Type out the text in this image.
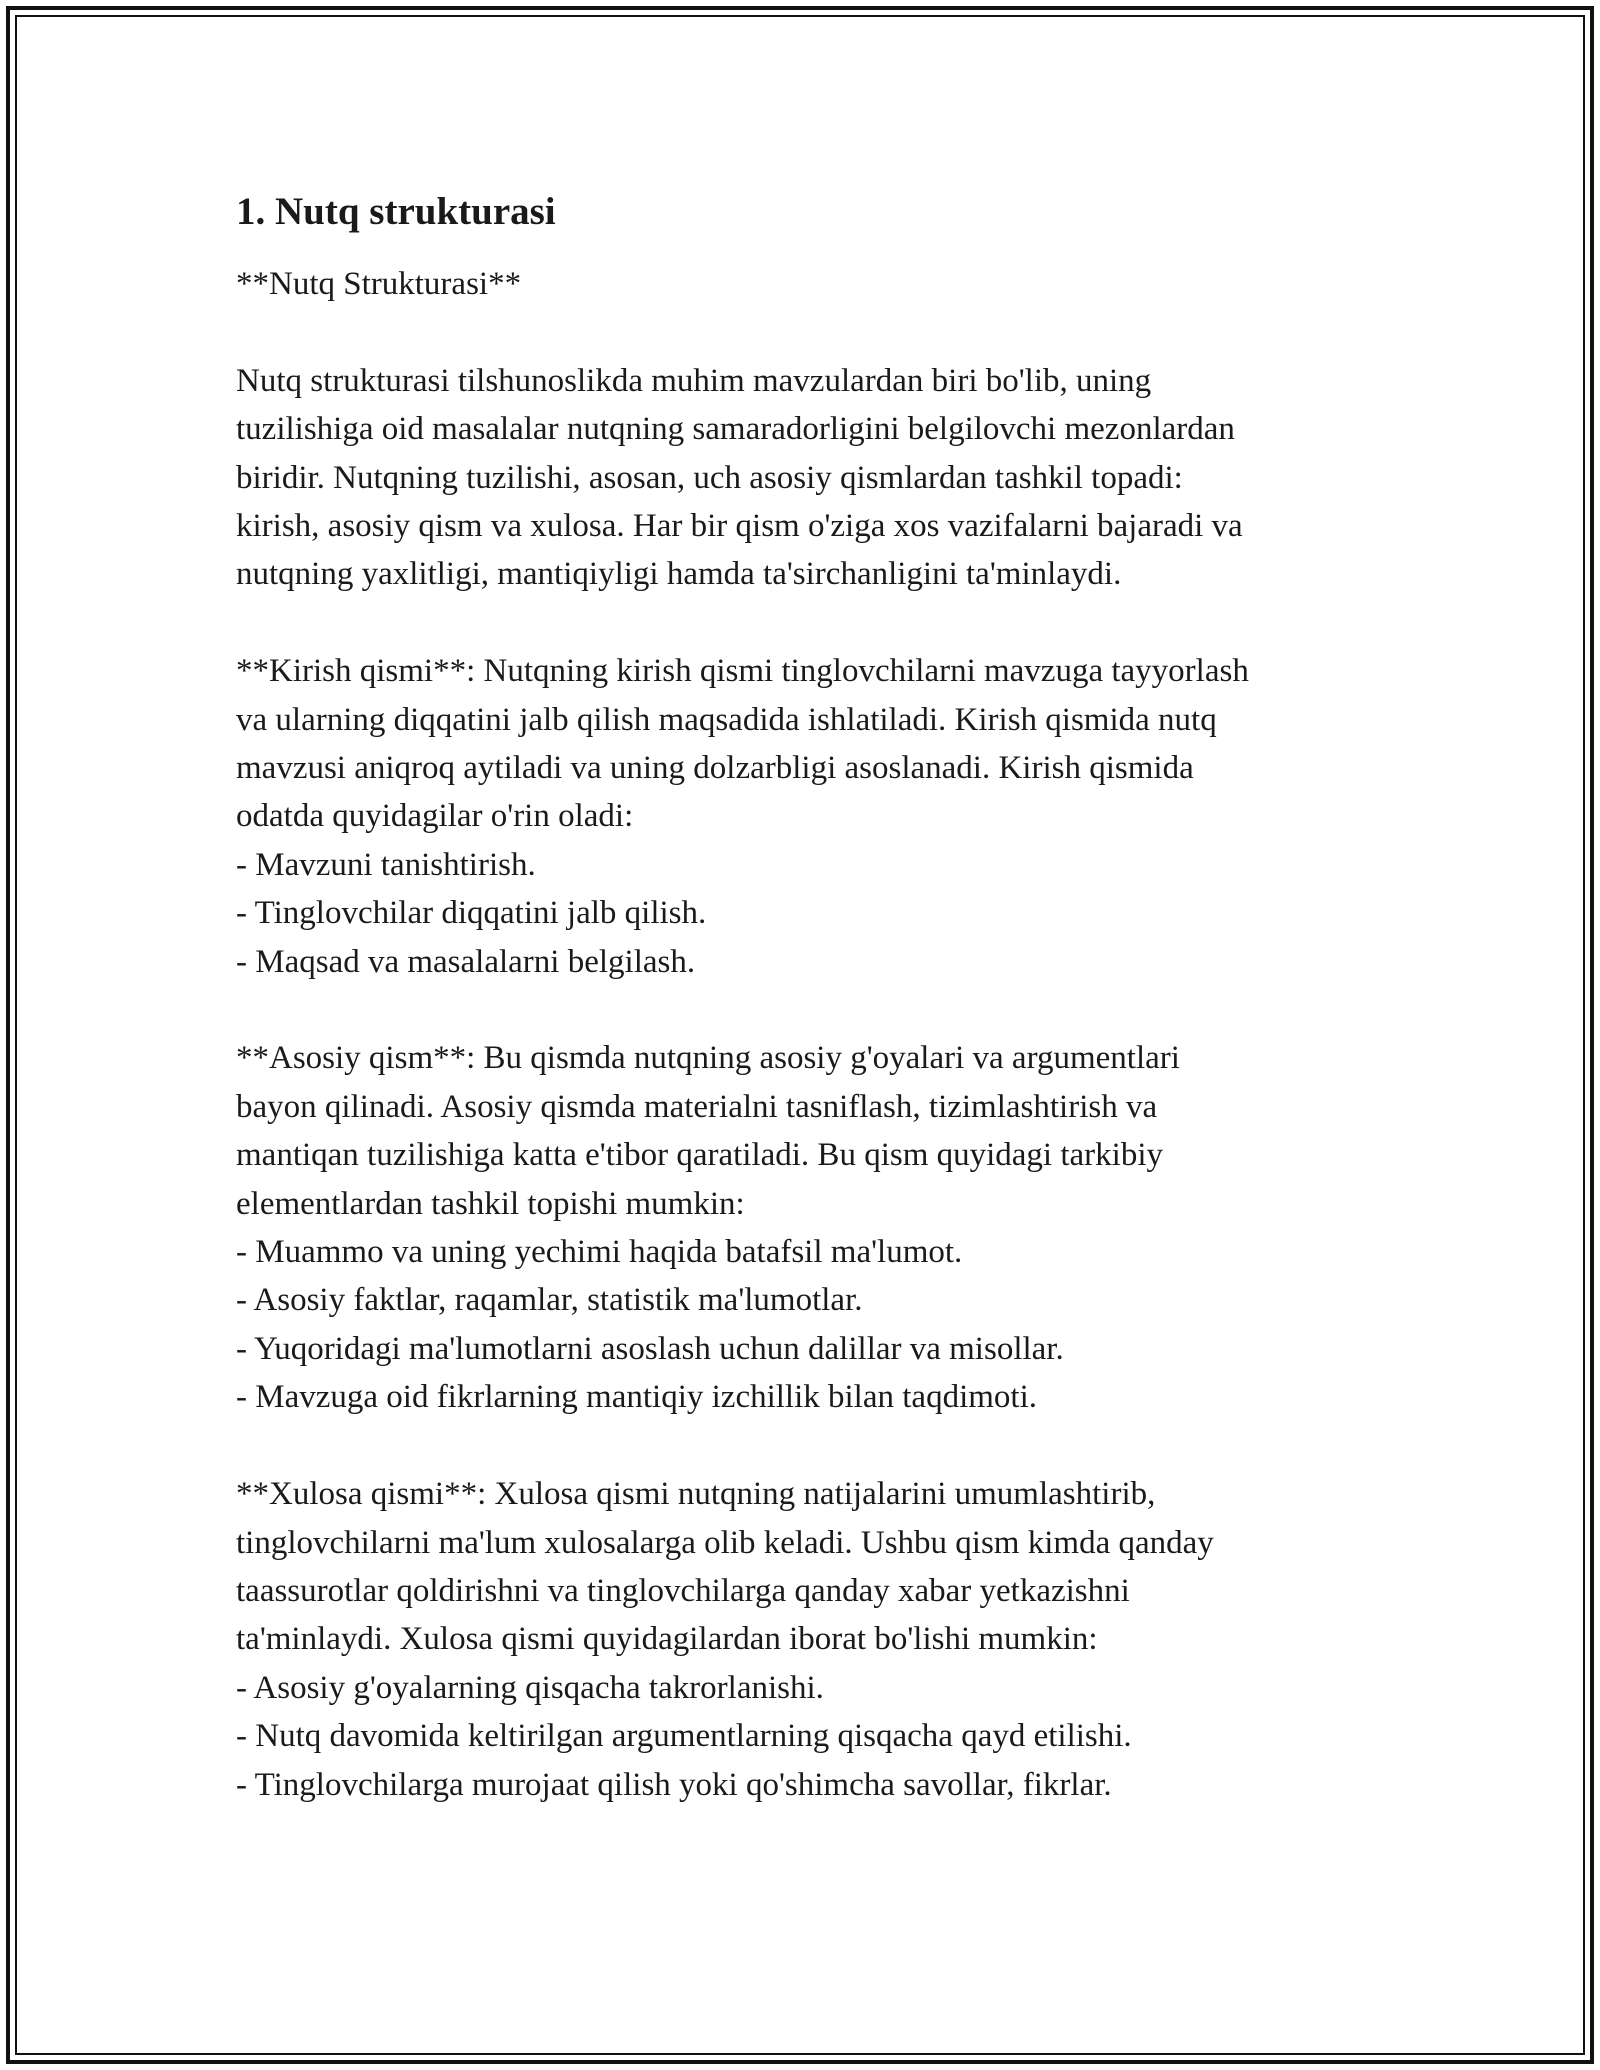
1. Nutq strukturasi
**Nutq Strukturasi**
Nutq strukturasi tilshunoslikda muhim mavzulardan biri bo'lib, uning
tuzilishiga oid masalalar nutqning samaradorligini belgilovchi mezonlardan
biridir. Nutqning tuzilishi, asosan, uch asosiy qismlardan tashkil topadi:
kirish, asosiy qism va xulosa. Har bir qism o'ziga xos vazifalarni bajaradi va
nutqning yaxlitligi, mantiqiyligi hamda ta'sirchanligini ta'minlaydi.
**Kirish qismi**: Nutqning kirish qismi tinglovchilarni mavzuga tayyorlash
va ularning diqqatini jalb qilish maqsadida ishlatiladi. Kirish qismida nutq
mavzusi aniqroq aytiladi va uning dolzarbligi asoslanadi. Kirish qismida
odatda quyidagilar o'rin oladi:
- Mavzuni tanishtirish.
- Tinglovchilar diqqatini jalb qilish.
- Maqsad va masalalarni belgilash.
**Asosiy qism**: Bu qismda nutqning asosiy g'oyalari va argumentlari
bayon qilinadi. Asosiy qismda materialni tasniflash, tizimlashtirish va
mantiqan tuzilishiga katta e'tibor qaratiladi. Bu qism quyidagi tarkibiy
elementlardan tashkil topishi mumkin:
- Muammo va uning yechimi haqida batafsil ma'lumot.
- Asosiy faktlar, raqamlar, statistik ma'lumotlar.
- Yuqoridagi ma'lumotlarni asoslash uchun dalillar va misollar.
- Mavzuga oid fikrlarning mantiqiy izchillik bilan taqdimoti.
**Xulosa qismi**: Xulosa qismi nutqning natijalarini umumlashtirib,
tinglovchilarni ma'lum xulosalarga olib keladi. Ushbu qism kimda qanday
taassurotlar qoldirishni va tinglovchilarga qanday xabar yetkazishni
ta'minlaydi. Xulosa qismi quyidagilardan iborat bo'lishi mumkin:
- Asosiy g'oyalarning qisqacha takrorlanishi.
- Nutq davomida keltirilgan argumentlarning qisqacha qayd etilishi.
- Tinglovchilarga murojaat qilish yoki qo'shimcha savollar, fikrlar.
